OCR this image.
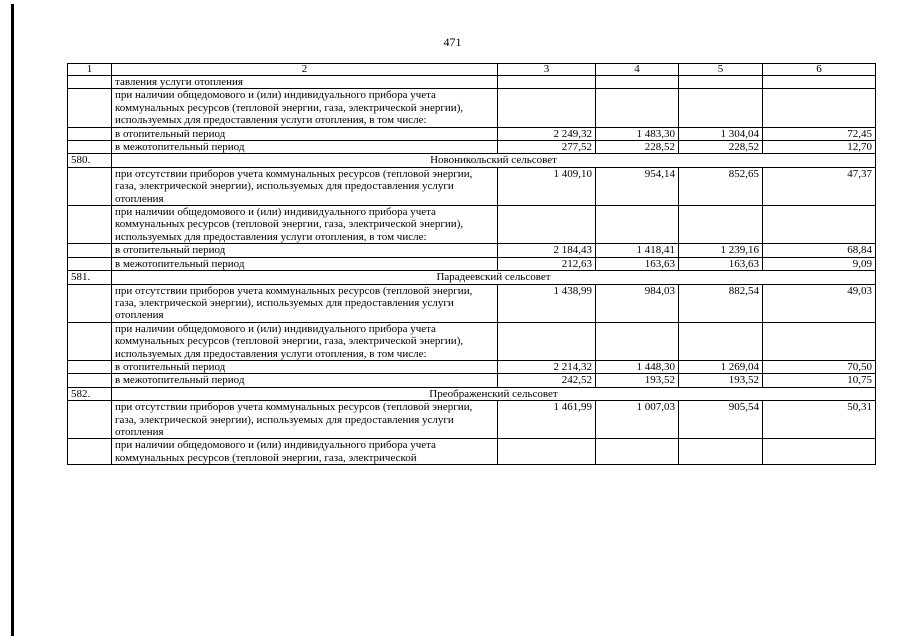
471
1	2	3	4	5	6
	тавления услуги отопления				
	при наличии общедомового и (или) индивидуального прибора учета коммунальных ресурсов (тепловой энергии, газа, электрической энергии), используемых для предоставления услуги отопления, в том числе:				
	в отопительный период	2 249,32	1 483,30	1 304,04	72,45
	в межотопительный период	277,52	228,52	228,52	12,70
580.	Новоникольский сельсовет				
	при отсутствии приборов учета коммунальных ресурсов (тепловой энергии, газа, электрической энергии), используемых для предоставления услуги отопления	1 409,10	954,14	852,65	47,37
	при наличии общедомового и (или) индивидуального прибора учета коммунальных ресурсов (тепловой энергии, газа, электрической энергии), используемых для предоставления услуги отопления, в том числе:				
	в отопительный период	2 184,43	1 418,41	1 239,16	68,84
	в межотопительный период	212,63	163,63	163,63	9,09
581.	Парадеевский сельсовет				
	при отсутствии приборов учета коммунальных ресурсов (тепловой энергии, газа, электрической энергии), используемых для предоставления услуги отопления	1 438,99	984,03	882,54	49,03
	при наличии общедомового и (или) индивидуального прибора учета коммунальных ресурсов (тепловой энергии, газа, электрической энергии), используемых для предоставления услуги отопления, в том числе:				
	в отопительный период	2 214,32	1 448,30	1 269,04	70,50
	в межотопительный период	242,52	193,52	193,52	10,75
582.	Преображенский сельсовет				
	при отсутствии приборов учета коммунальных ресурсов (тепловой энергии, газа, электрической энергии), используемых для предоставления услуги отопления	1 461,99	1 007,03	905,54	50,31
	при наличии общедомового и (или) индивидуального прибора учета коммунальных ресурсов (тепловой энергии, газа, электрической				
